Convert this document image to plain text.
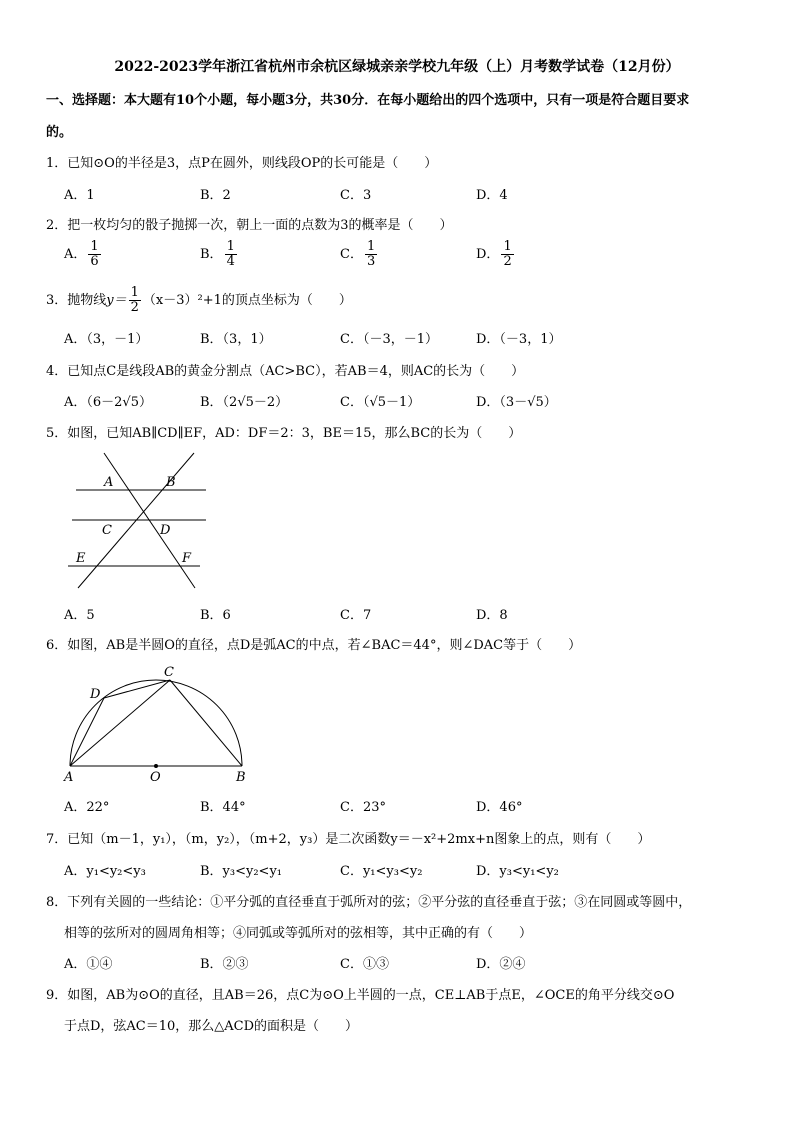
2022-2023学年浙江省杭州市余杭区绿城亲亲学校九年级（上）月考数学试卷（12月份）
一、选择题：本大题有10个小题，每小题3分，共30分．在每小题给出的四个选项中，只有一项是符合题目要求
的。
1．已知⊙O的半径是3，点P在圆外，则线段OP的长可能是（　　）
A．1	B．2	C．3	D．4
2．把一枚均匀的骰子抛掷一次，朝上一面的点数为3的概率是（　　）
A． $\frac{1}{6}$	B． $\frac{1}{4}$	C． $\frac{1}{3}$	D． $\frac{1}{2}$
3．抛物线$y= \frac{1}{2} (x-3)^2+1$的顶点坐标为（　　）
A．（3，－1）	B．（3，1）	C．（－3，－1）	D．（－3，1）
4．已知点C是线段AB的黄金分割点（AC>BC），若AB＝4，则AC的长为（　　）
A．（6－2√5）	B．（2√5－2）	C．（√5－1）	D．（3－√5）
5．如图，已知AB∥CD∥EF，AD：DF＝2：3，BE＝15，那么BC的长为（　　）
A	B
C	D
E	F
A．5	B．6	C．7	D．8
6．如图，AB是半圆O的直径，点D是弧AC的中点，若∠BAC＝44°，则∠DAC等于（　　）
A	O	B
C
D
A．22°	B．44°	C．23°	D．46°
7．已知（m－1，y₁），（m，y₂），（m+2，y₃）是二次函数y＝－x²+2mx+n图象上的点，则有（　　）
A．y₁<y₂<y₃	B．y₃<y₂<y₁	C．y₁<y₃<y₂	D．y₃<y₁<y₂
8．下列有关圆的一些结论：①平分弧的直径垂直于弧所对的弦；②平分弦的直径垂直于弦；③在同圆或等圆中，
相等的弦所对的圆周角相等；④同弧或等弧所对的弦相等，其中正确的有（　　）
A．①④	B．②③	C．①③	D．②④
9．如图，AB为⊙O的直径，且AB＝26，点C为⊙O上半圆的一点，CE⊥AB于点E，∠OCE的角平分线交⊙O
于点D，弦AC＝10，那么△ACD的面积是（　　）
